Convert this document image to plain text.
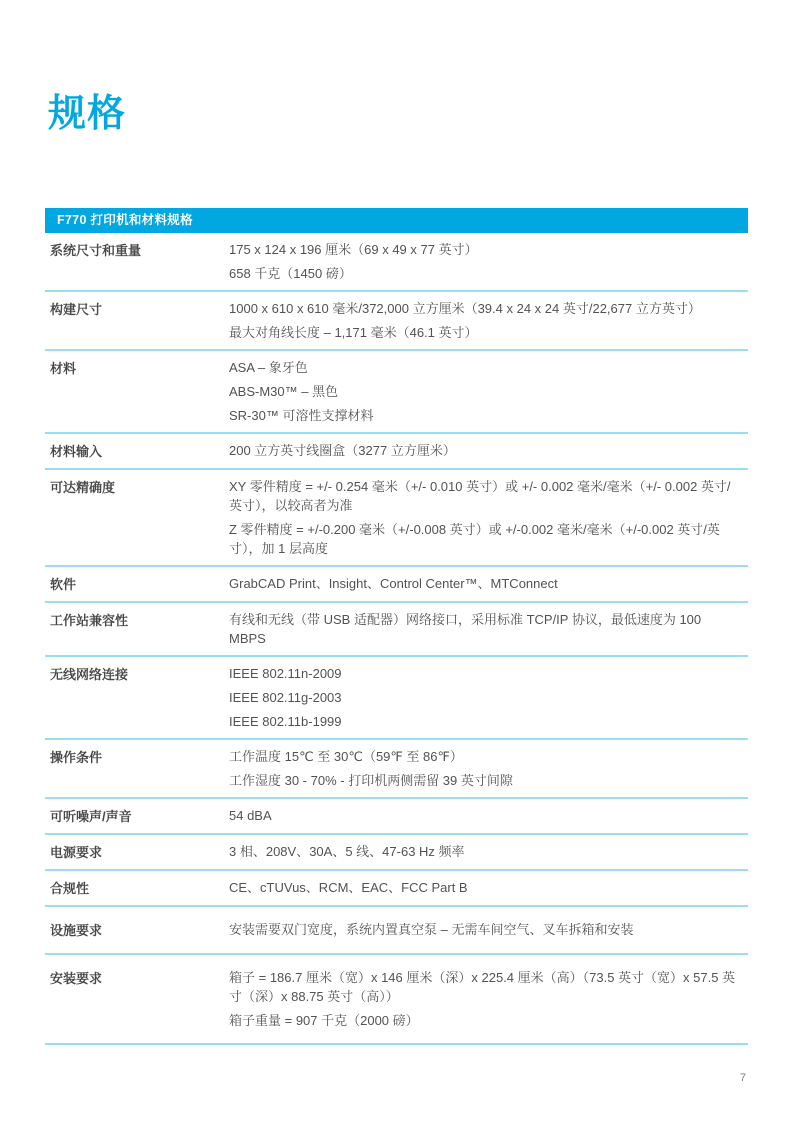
规格
F770 打印机和材料规格
系统尺寸和重量	175 x 124 x 196 厘米（69 x 49 x 77 英寸）

658 千克（1450 磅）

构建尺寸	1000 x 610 x 610 毫米/372,000 立方厘米（39.4 x 24 x 24 英寸/22,677 立方英寸）

最大对角线长度 – 1,171 毫米（46.1 英寸）

材料	ASA – 象牙色

ABS-M30™ – 黑色

SR-30™ 可溶性支撑材料

材料输入	200 立方英寸线圈盒（3277 立方厘米）

可达精确度	XY 零件精度 = +/- 0.254 毫米（+/- 0.010 英寸）或 +/- 0.002 毫米/毫米（+/- 0.002 英寸/英寸），以较高者为准

Z 零件精度 = +/-0.200 毫米（+/-0.008 英寸）或 +/-0.002 毫米/毫米（+/-0.002 英寸/英寸），加 1 层高度

软件	GrabCAD Print、Insight、Control Center™、MTConnect

工作站兼容性	有线和无线（带 USB 适配器）网络接口，采用标准 TCP/IP 协议，最低速度为 100 MBPS

无线网络连接	IEEE 802.11n-2009

IEEE 802.11g-2003

IEEE 802.11b-1999

操作条件	工作温度 15℃ 至 30℃（59℉ 至 86℉）

工作湿度 30 - 70% - 打印机两侧需留 39 英寸间隙

可听噪声/声音	54 dBA

电源要求	3 相、208V、30A、5 线、47-63 Hz 频率

合规性	CE、cTUVus、RCM、EAC、FCC Part B

设施要求	安装需要双门宽度，系统内置真空泵 – 无需车间空气、叉车拆箱和安装

安装要求	箱子 = 186.7 厘米（宽）x 146 厘米（深）x 225.4 厘米（高）（73.5 英寸（宽）x 57.5 英寸（深）x 88.75 英寸（高））

箱子重量 = 907 千克（2000 磅）

7
